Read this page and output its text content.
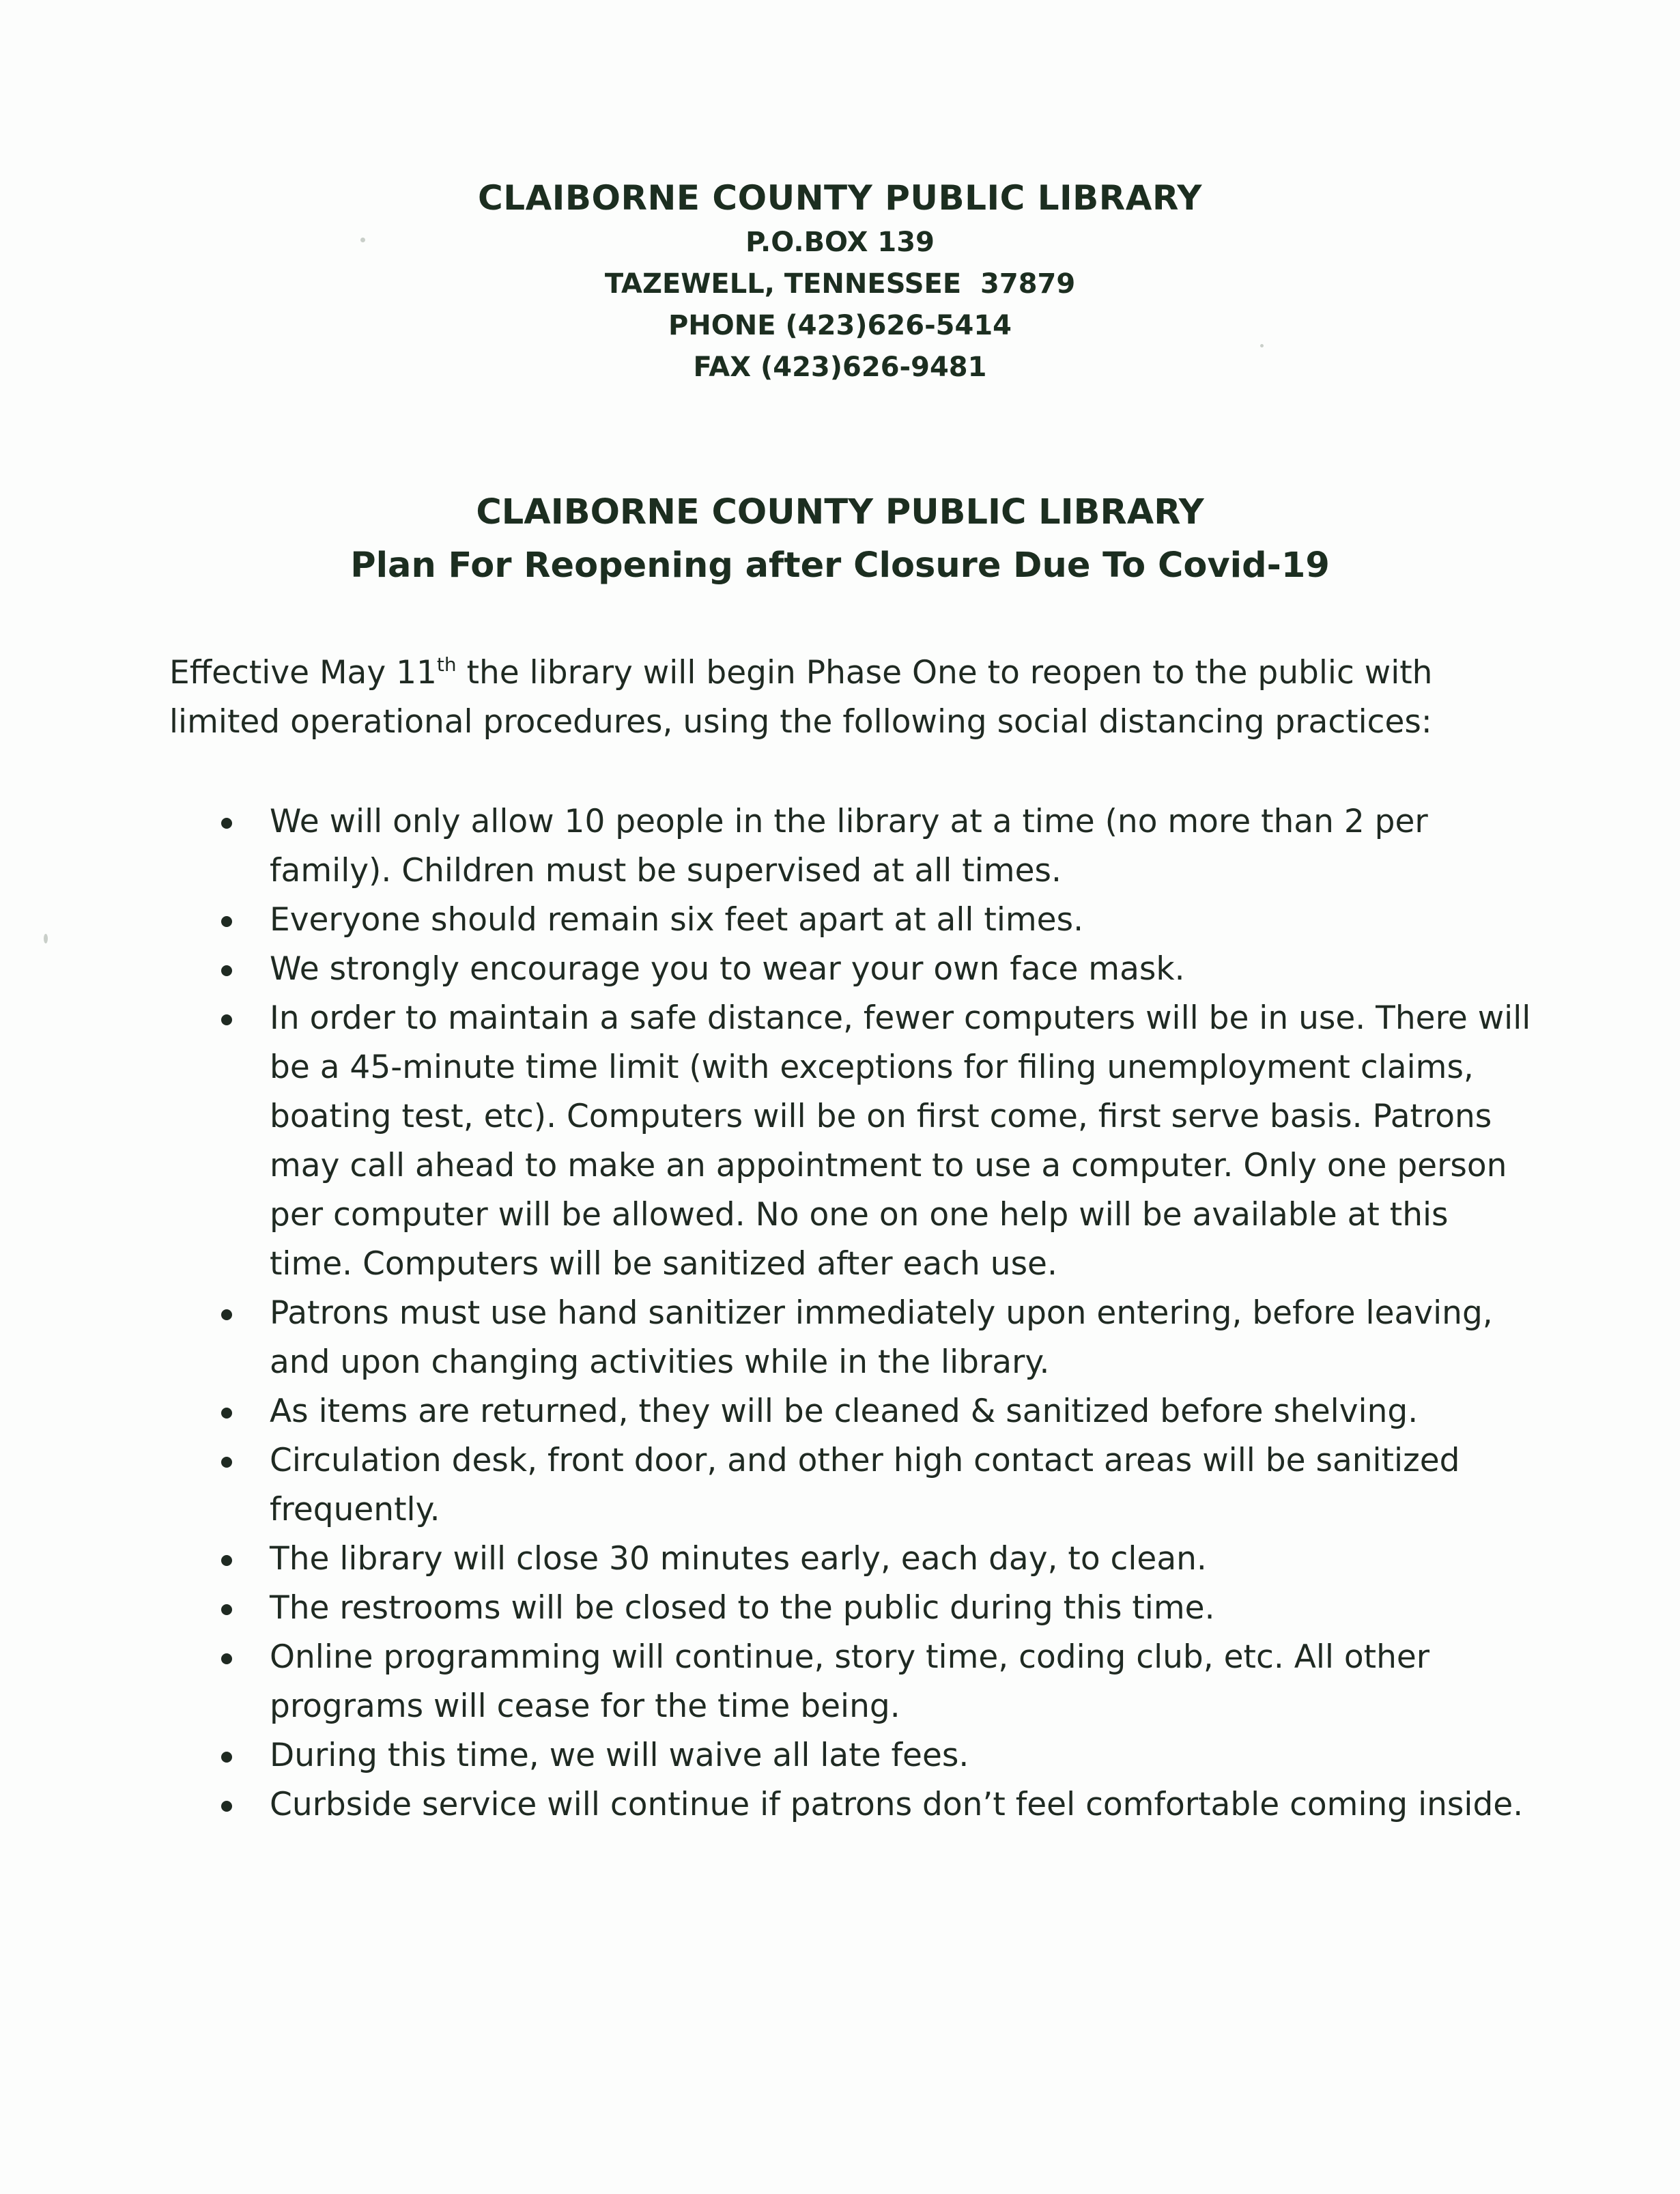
CLAIBORNE COUNTY PUBLIC LIBRARY
P.O.BOX 139
TAZEWELL, TENNESSEE  37879
PHONE (423)626-5414
FAX (423)626-9481
CLAIBORNE COUNTY PUBLIC LIBRARY
Plan For Reopening after Closure Due To Covid-19

Effective May 11th the library will begin Phase One to reopen to the public with limited operational procedures, using the following social distancing practices:

We will only allow 10 people in the library at a time (no more than 2 per family). Children must be supervised at all times.
Everyone should remain six feet apart at all times.
We strongly encourage you to wear your own face mask.
In order to maintain a safe distance, fewer computers will be in use. There will be a 45-minute time limit (with exceptions for filing unemployment claims, boating test, etc). Computers will be on first come, first serve basis. Patrons may call ahead to make an appointment to use a computer. Only one person per computer will be allowed. No one on one help will be available at this time. Computers will be sanitized after each use.
Patrons must use hand sanitizer immediately upon entering, before leaving, and upon changing activities while in the library.
As items are returned, they will be cleaned & sanitized before shelving.
Circulation desk, front door, and other high contact areas will be sanitized frequently.
The library will close 30 minutes early, each day, to clean.
The restrooms will be closed to the public during this time.
Online programming will continue, story time, coding club, etc. All other programs will cease for the time being.
During this time, we will waive all late fees.
Curbside service will continue if patrons don’t feel comfortable coming inside.
